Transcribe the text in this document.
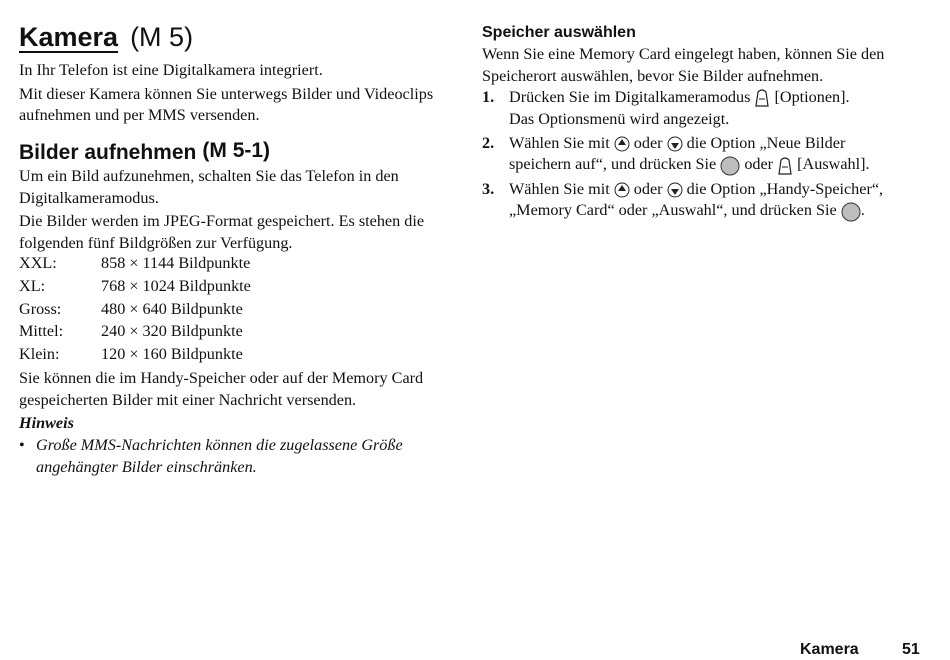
Kamera (M 5)

In Ihr Telefon ist eine Digitalkamera integriert.

Mit dieser Kamera können Sie unterwegs Bilder und Videoclips aufnehmen und per MMS versenden.

Bilder aufnehmen (M 5-1)

Um ein Bild aufzunehmen, schalten Sie das Telefon in den Digitalkameramodus.

Die Bilder werden im JPEG-Format gespeichert. Es stehen die folgenden fünf Bildgrößen zur Verfügung.

XXL:	858 × 1144 Bildpunkte
XL:	768 × 1024 Bildpunkte
Gross:	480 × 640 Bildpunkte
Mittel:	240 × 320 Bildpunkte
Klein:	120 × 160 Bildpunkte

Sie können die im Handy-Speicher oder auf der Memory Card gespeicherten Bilder mit einer Nachricht versenden.

Hinweis
• Große MMS-Nachrichten können die zugelassene Größe angehängter Bilder einschränken.
Speicher auswählen

Wenn Sie eine Memory Card eingelegt haben, können Sie den Speicherort auswählen, bevor Sie Bilder aufnehmen.

1. Drücken Sie im Digitalkameramodus [Optionen].
Das Optionsmenü wird angezeigt.
2. Wählen Sie mit oder die Option „Neue Bilder speichern auf“, und drücken Sie oder [Auswahl].
3. Wählen Sie mit oder die Option „Handy-Speicher“, „Memory Card“ oder „Auswahl“, und drücken Sie .
Kamera	51
